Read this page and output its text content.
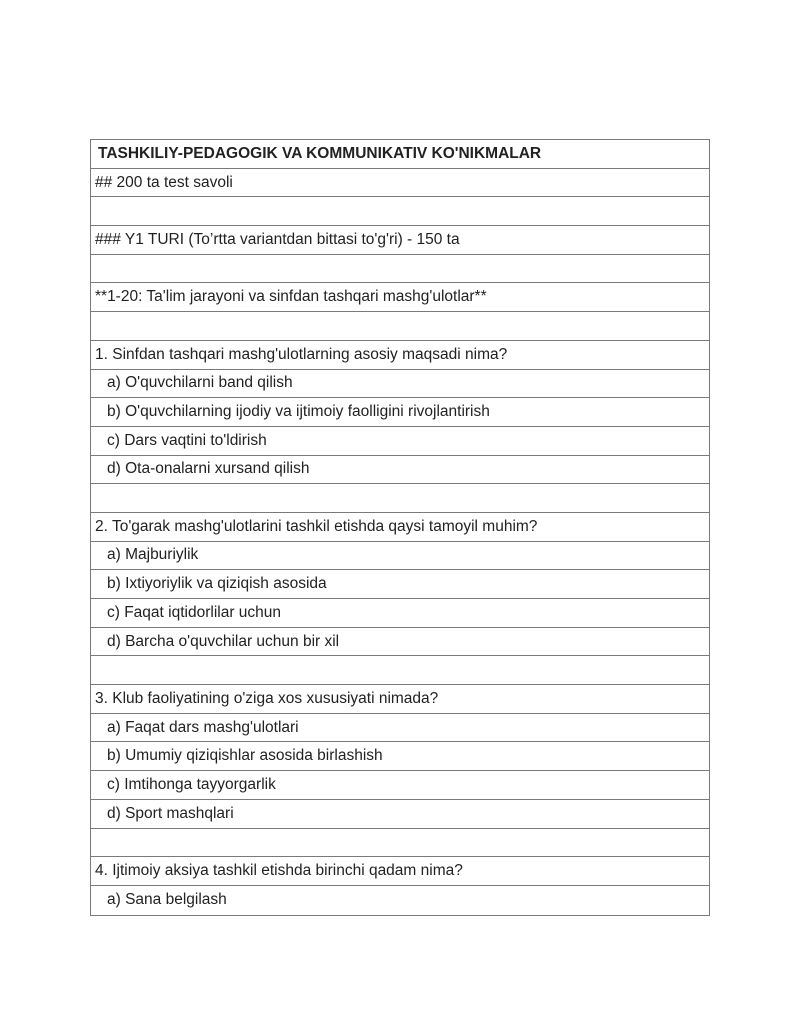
TASHKILIY-PEDAGOGIK VA KOMMUNIKATIV KO'NIKMALAR
## 200 ta test savoli
### Y1 TURI (To’rtta variantdan bittasi to'g'ri) - 150 ta
**1-20: Ta'lim jarayoni va sinfdan tashqari mashg'ulotlar**
1. Sinfdan tashqari mashg'ulotlarning asosiy maqsadi nima?
a) O'quvchilarni band qilish
b) O'quvchilarning ijodiy va ijtimoiy faolligini rivojlantirish
c) Dars vaqtini to'ldirish
d) Ota-onalarni xursand qilish
2. To'garak mashg'ulotlarini tashkil etishda qaysi tamoyil muhim?
a) Majburiylik
b) Ixtiyoriylik va qiziqish asosida
c) Faqat iqtidorlilar uchun
d) Barcha o'quvchilar uchun bir xil
3. Klub faoliyatining o'ziga xos xususiyati nimada?
a) Faqat dars mashg'ulotlari
b) Umumiy qiziqishlar asosida birlashish
c) Imtihonga tayyorgarlik
d) Sport mashqlari
4. Ijtimoiy aksiya tashkil etishda birinchi qadam nima?
a) Sana belgilash
